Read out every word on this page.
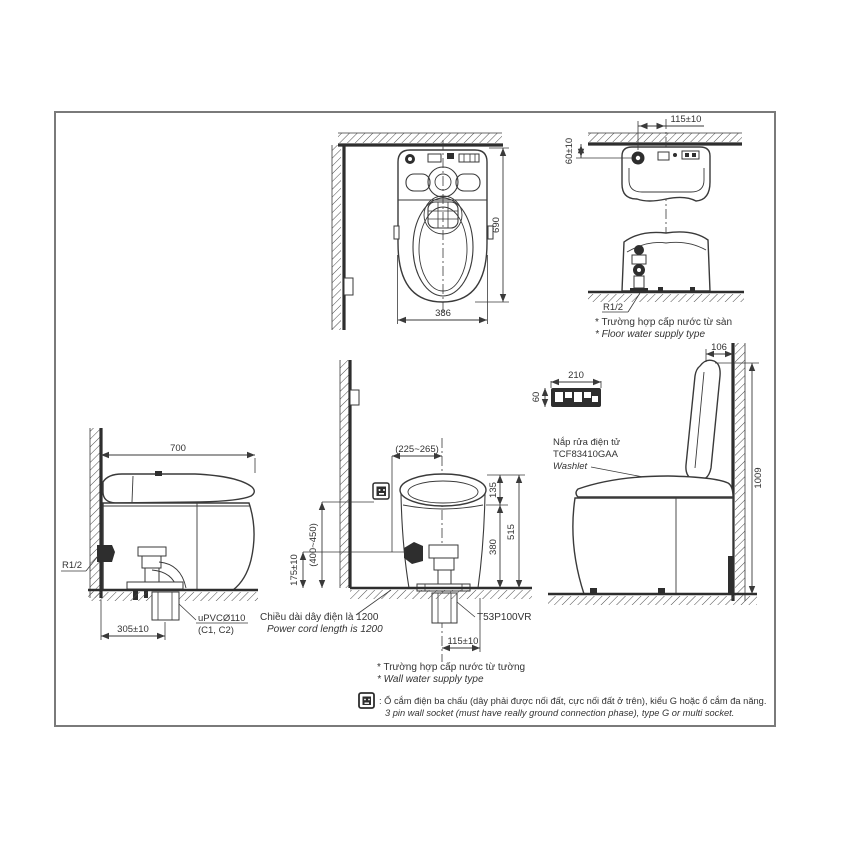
690
386
115±10
60±10
R1/2
* Trường hợp cấp nước từ sàn
* Floor water supply type
210
60
Nắp rửa điện tử
TCF83410GAA
Washlet
106
1009
700
R1/2
305±10
uPVCØ110
(C1, C2)
(225~265)
(400~450)
175±10
135
380
515
115±10
Chiều dài dây điện là 1200
Power cord length is 1200
T53P100VR
* Trường hợp cấp nước từ tường
* Wall water supply type
: Ổ cắm điện ba chấu (dây phải được nối đất, cực nối đất ở trên), kiểu G hoặc ổ cắm đa năng.
3 pin wall socket (must have really ground connection phase), type G or multi socket.
